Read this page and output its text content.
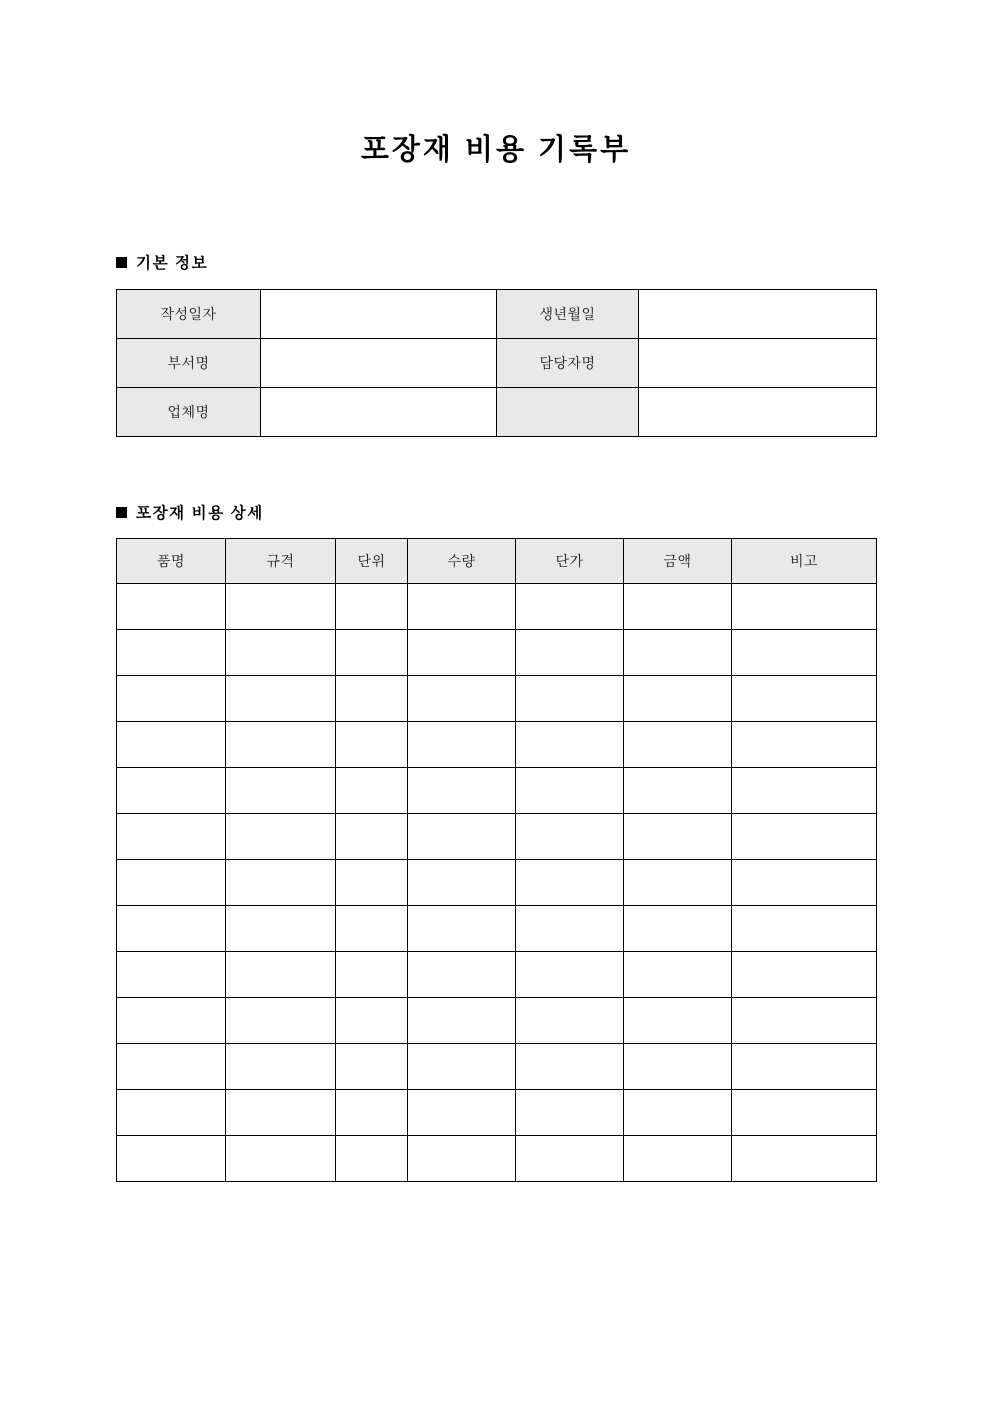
포장재 비용 기록부
기본 정보
작성일자		생년월일	
부서명		담당자명	
업체명			
포장재 비용 상세
품명	규격	단위	수량	단가	금액	비고
